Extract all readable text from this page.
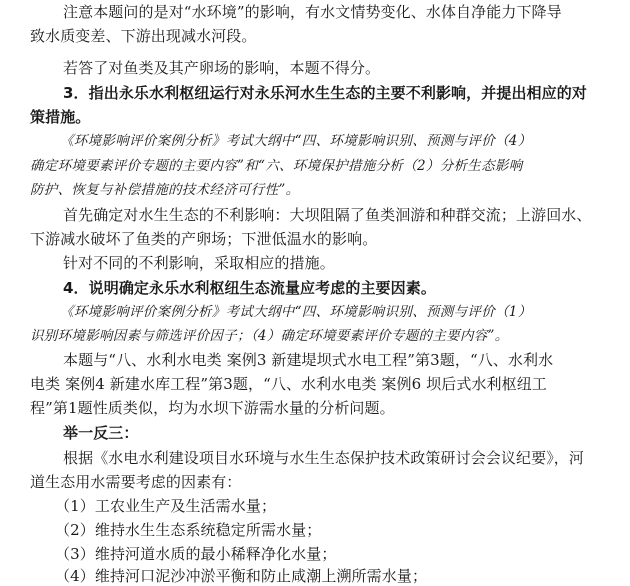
注意本题问的是对“水环境”的影响，有水文情势变化、水体自净能力下降导
致水质变差、下游出现减水河段。
若答了对鱼类及其产卵场的影响，本题不得分。
3．指出永乐水利枢纽运行对永乐河水生生态的主要不利影响，并提出相应的对
策措施。
《环境影响评价案例分析》考试大纲中“四、环境影响识别、预测与评价（4）
确定环境要素评价专题的主要内容”和“六、环境保护措施分析（2）分析生态影响
防护、恢复与补偿措施的技术经济可行性”。
首先确定对水生生态的不利影响：大坝阻隔了鱼类洄游和种群交流；上游回水、
下游减水破坏了鱼类的产卵场；下泄低温水的影响。
针对不同的不利影响，采取相应的措施。
4．说明确定永乐水利枢纽生态流量应考虑的主要因素。
《环境影响评价案例分析》考试大纲中“四、环境影响识别、预测与评价（1）
识别环境影响因素与筛选评价因子；（4）确定环境要素评价专题的主要内容”。
本题与“八、水利水电类 案例3 新建堤坝式水电工程”第3题，“八、水利水
电类 案例4 新建水库工程”第3题，“八、水利水电类 案例6 坝后式水利枢纽工
程”第1题性质类似，均为水坝下游需水量的分析问题。
举一反三：
根据《水电水利建设项目水环境与水生生态保护技术政策研讨会会议纪要》，河
道生态用水需要考虑的因素有：
（1）工农业生产及生活需水量；
（2）维持水生生态系统稳定所需水量；
（3）维持河道水质的最小稀释净化水量；
（4）维持河口泥沙冲淤平衡和防止咸潮上溯所需水量；
